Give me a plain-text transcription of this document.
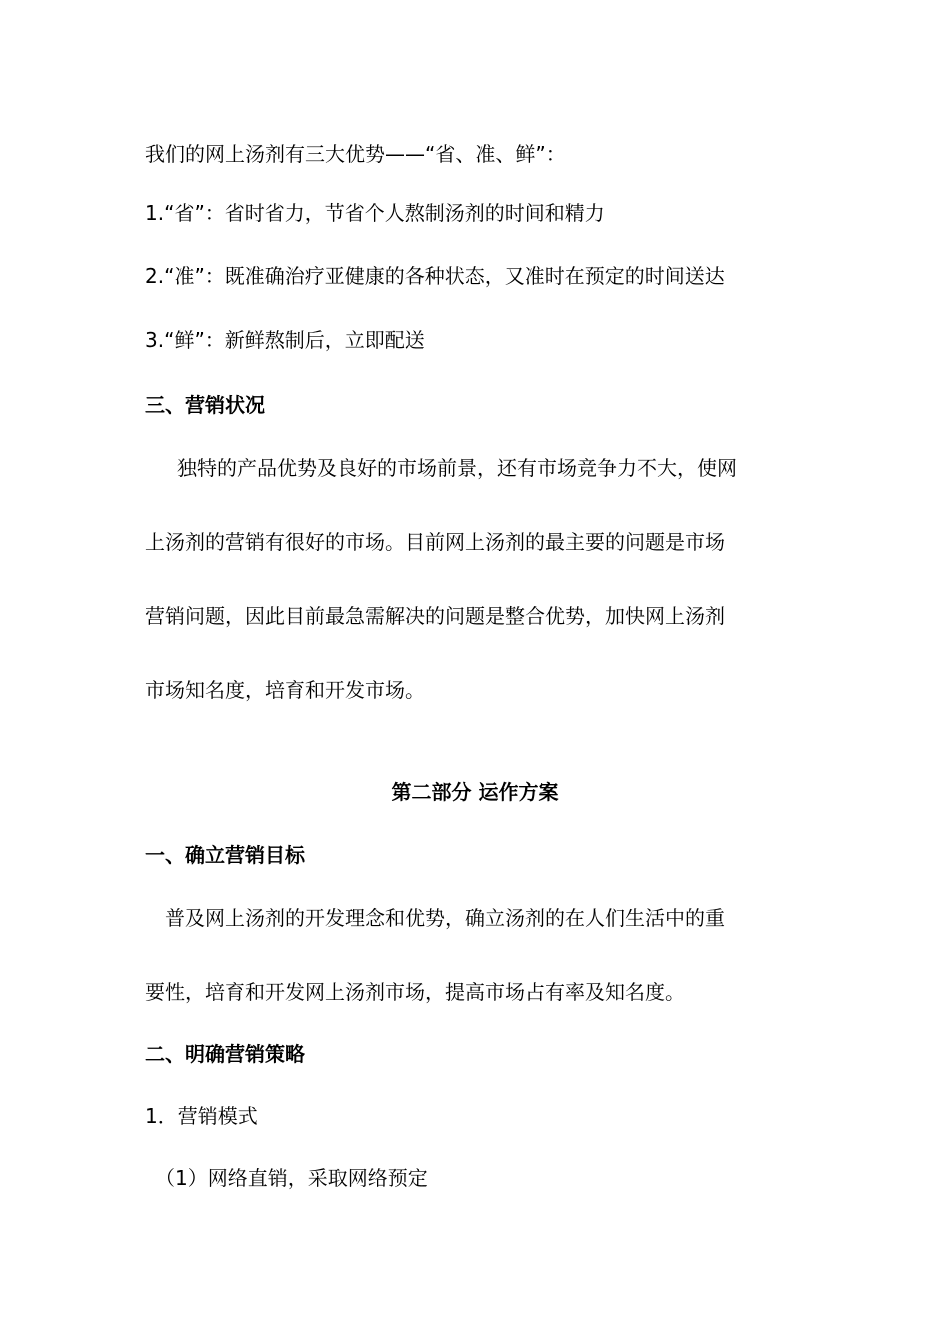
我们的网上汤剂有三大优势——“省、准、鲜”：
1.“省”：省时省力，节省个人熬制汤剂的时间和精力
2.“准”：既准确治疗亚健康的各种状态，又准时在预定的时间送达
3.“鲜”：新鲜熬制后，立即配送
三、营销状况
独特的产品优势及良好的市场前景，还有市场竞争力不大，使网
上汤剂的营销有很好的市场。目前网上汤剂的最主要的问题是市场
营销问题，因此目前最急需解决的问题是整合优势，加快网上汤剂
市场知名度，培育和开发市场。
第二部分 运作方案
一、确立营销目标
普及网上汤剂的开发理念和优势，确立汤剂的在人们生活中的重
要性，培育和开发网上汤剂市场，提高市场占有率及知名度。
二、明确营销策略
1．营销模式
（1）网络直销，采取网络预定
